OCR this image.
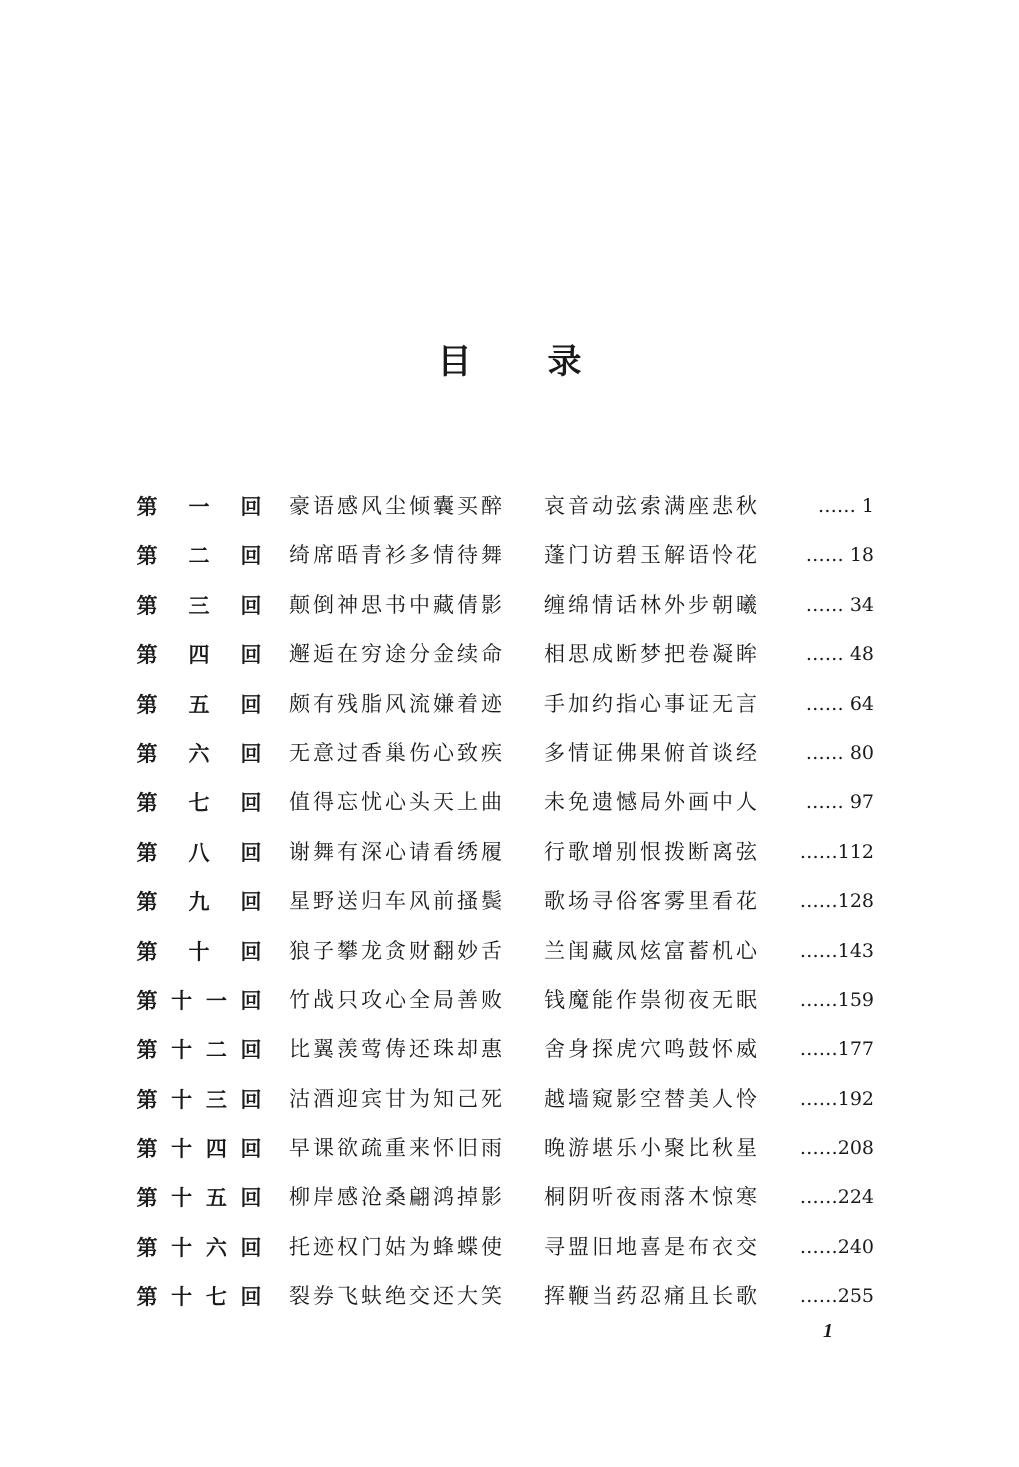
目 录
第 一 回 豪语感风尘倾囊买醉 哀音动弦索满座悲秋	…… 1
第 二 回 绮席晤青衫多情待舞 蓬门访碧玉解语怜花 …… 18
第 三 回 颠倒神思书中藏倩影 缠绵情话林外步朝曦 …… 34
第 四 回 邂逅在穷途分金续命 相思成断梦把卷凝眸 …… 48
第 五 回 颇有残脂风流嫌着迹 手加约指心事证无言 …… 64
第 六 回 无意过香巢伤心致疾 多情证佛果俯首谈经 …… 80
第 七 回 值得忘忧心头天上曲 未免遗憾局外画中人 …… 97
第 八 回 谢舞有深心请看绣履 行歌增别恨拨断离弦 ……112
第 九 回 星野送归车风前搔鬓 歌场寻俗客雾里看花 ……128
第 十 回 狼子攀龙贪财翻妙舌 兰闺藏凤炫富蓄机心 ……143
第 十 一 回 竹战只攻心全局善败 钱魔能作祟彻夜无眠 ……159
第 十 二 回 比翼羡莺俦还珠却惠 舍身探虎穴鸣鼓怀威 ……177
第 十 三 回 沽酒迎宾甘为知己死 越墙窥影空替美人怜 ……192
第 十 四 回 早课欲疏重来怀旧雨 晚游堪乐小聚比秋星 ……208
第 十 五 回 柳岸感沧桑翩鸿掉影 桐阴听夜雨落木惊寒 ……224
第 十 六 回 托迹权门姑为蜂蝶使 寻盟旧地喜是布衣交 ……240
第 十 七 回 裂券飞蚨绝交还大笑 挥鞭当药忍痛且长歌 ……255
1
